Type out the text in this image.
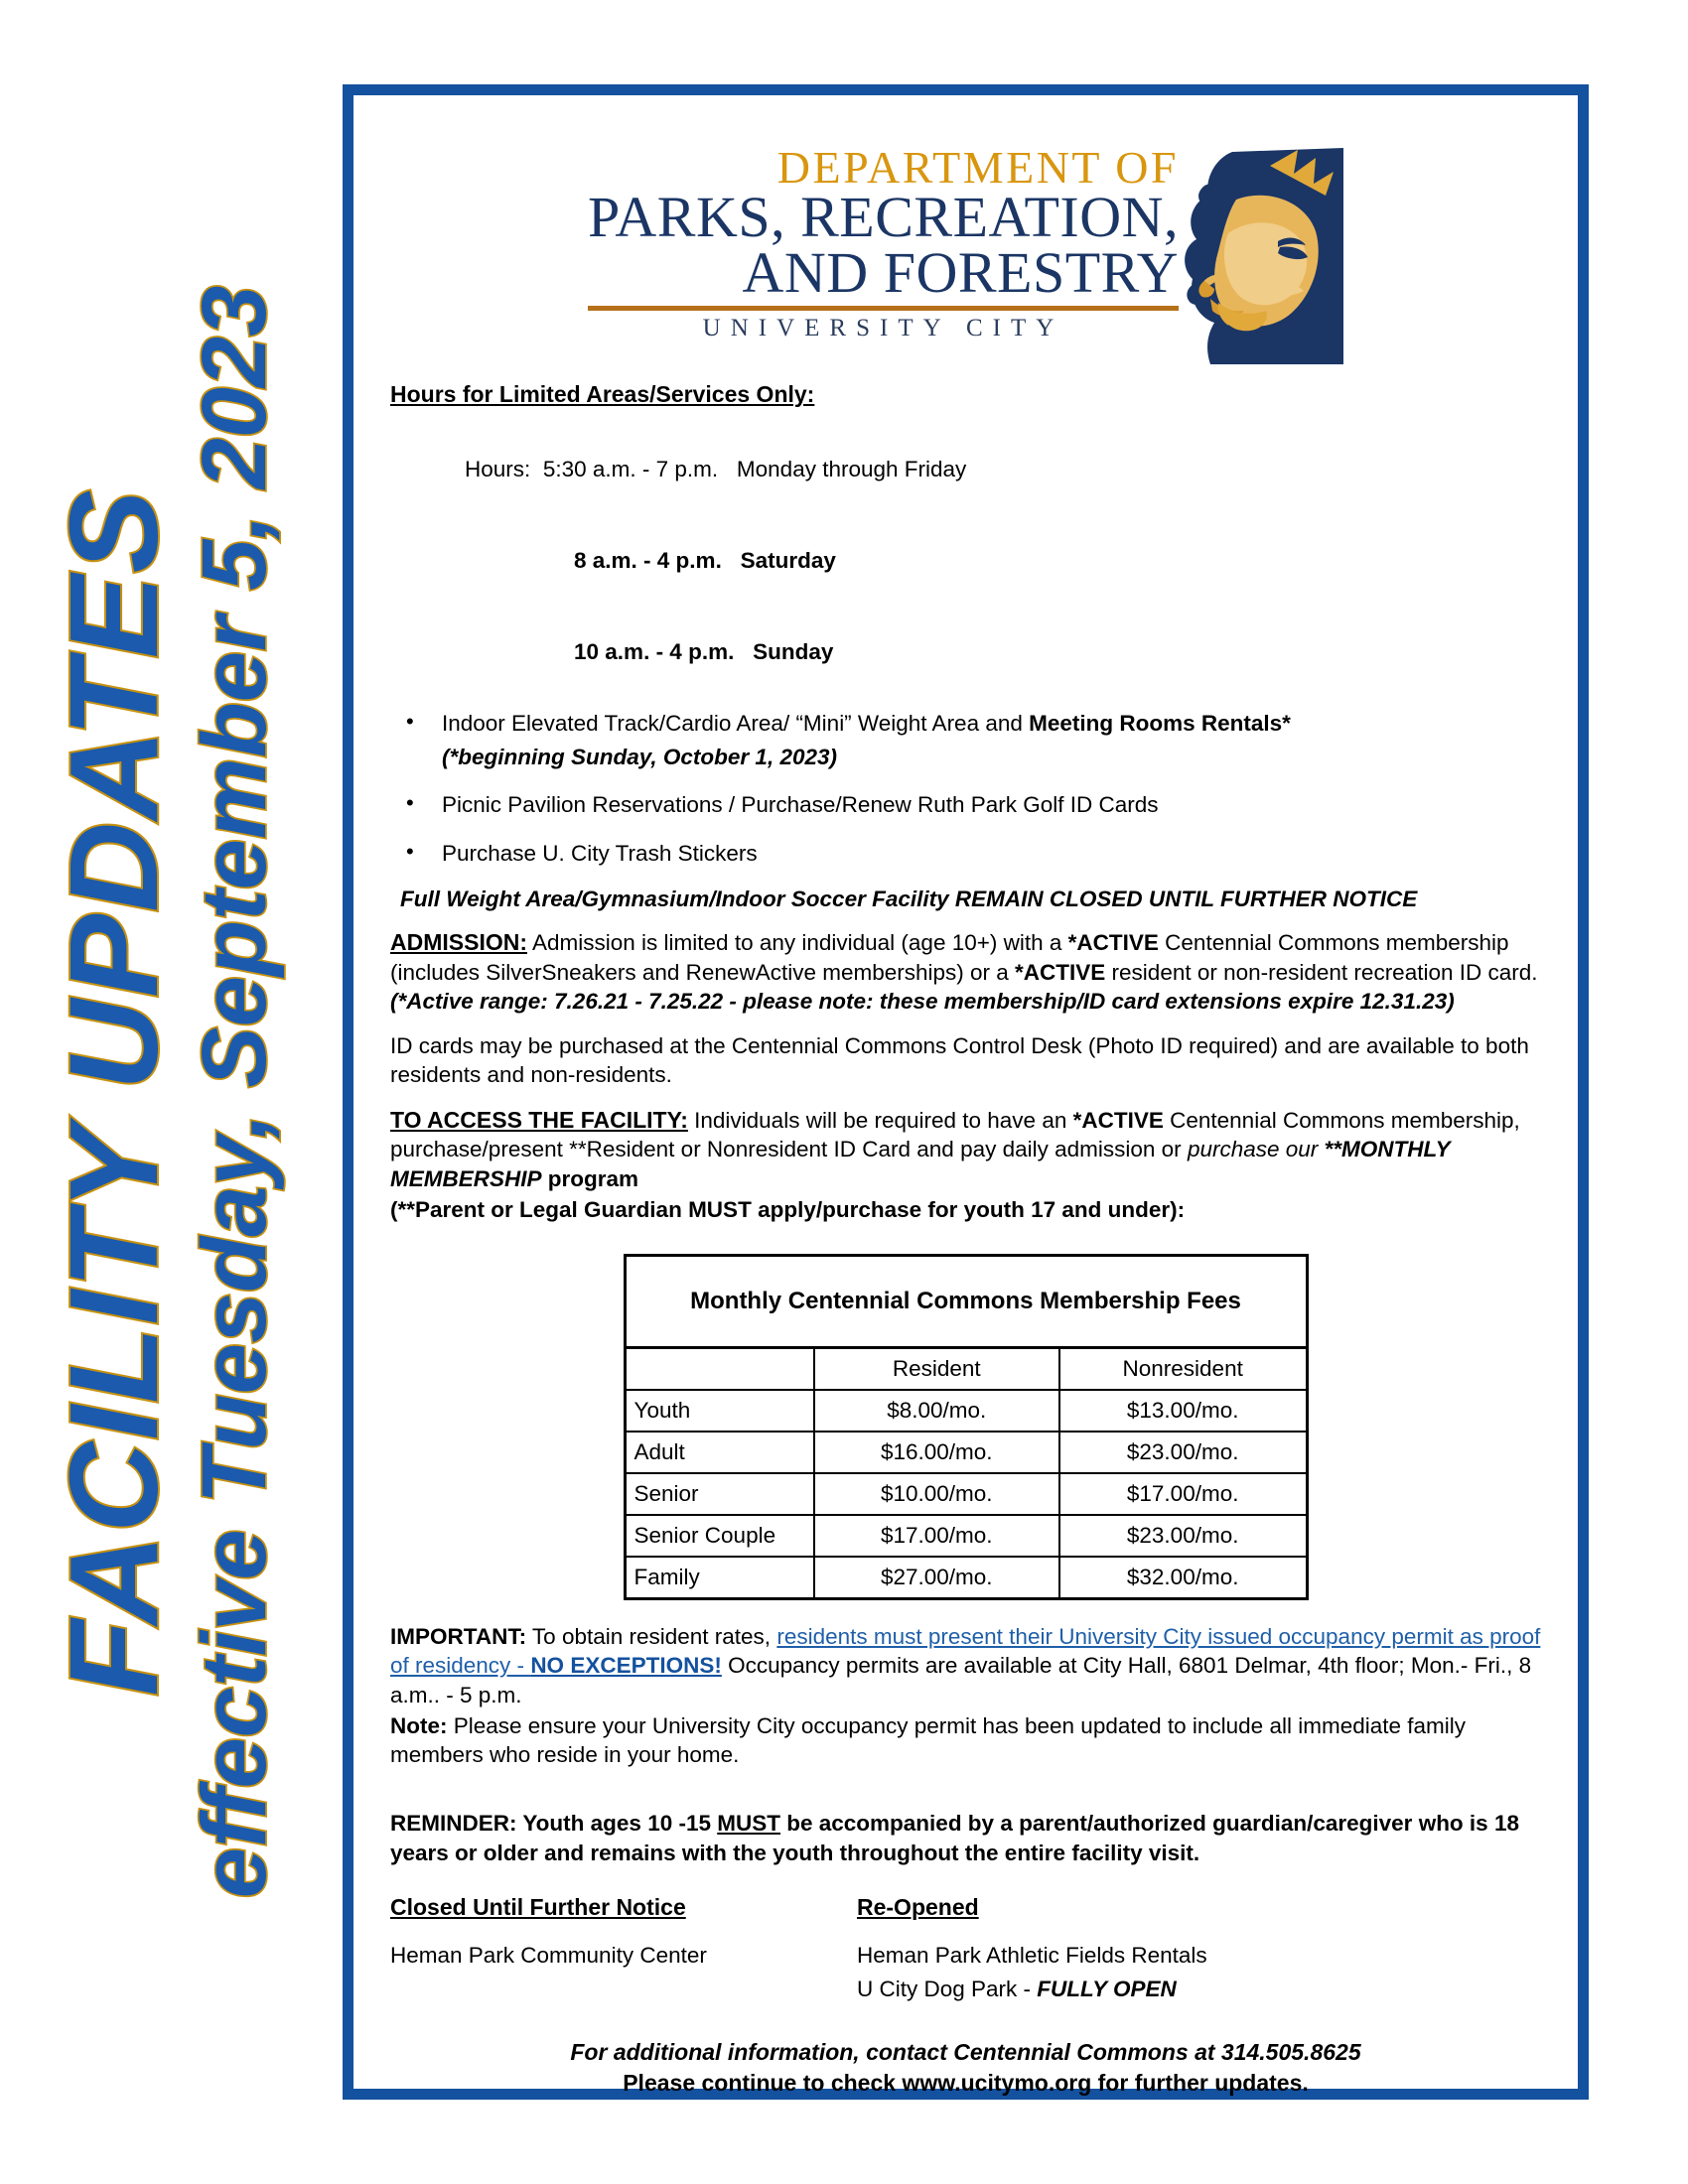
FACILITY UPDATES effective Tuesday, September 5, 2023
DEPARTMENT OF
PARKS, RECREATION,
AND FORESTRY
UNIVERSITY CITY
Hours for Limited Areas/Services Only:

Hours: 5:30 a.m. - 7 p.m. Monday through Friday

8 a.m. - 4 p.m. Saturday

10 a.m. - 4 p.m. Sunday

• Indoor Elevated Track/Cardio Area/ “Mini” Weight Area and Meeting Rooms Rentals*
(*beginning Sunday, October 1, 2023)
• Picnic Pavilion Reservations / Purchase/Renew Ruth Park Golf ID Cards
• Purchase U. City Trash Stickers
Full Weight Area/Gymnasium/Indoor Soccer Facility REMAIN CLOSED UNTIL FURTHER NOTICE

ADMISSION: Admission is limited to any individual (age 10+) with a *ACTIVE Centennial Commons membership (includes SilverSneakers and RenewActive memberships) or a *ACTIVE resident or non-resident recreation ID card. (*Active range: 7.26.21 - 7.25.22 - please note: these membership/ID card extensions expire 12.31.23)

ID cards may be purchased at the Centennial Commons Control Desk (Photo ID required) and are available to both residents and non-residents.

TO ACCESS THE FACILITY: Individuals will be required to have an *ACTIVE Centennial Commons membership, purchase/present **Resident or Nonresident ID Card and pay daily admission or purchase our **MONTHLY MEMBERSHIP program

(**Parent or Legal Guardian MUST apply/purchase for youth 17 and under):

Monthly Centennial Commons Membership Fees		
	Resident	Nonresident
Youth	$8.00/mo.	$13.00/mo.
Adult	$16.00/mo.	$23.00/mo.
Senior	$10.00/mo.	$17.00/mo.
Senior Couple	$17.00/mo.	$23.00/mo.
Family	$27.00/mo.	$32.00/mo.

IMPORTANT: To obtain resident rates, residents must present their University City issued occupancy permit as proof of residency - NO EXCEPTIONS! Occupancy permits are available at City Hall, 6801 Delmar, 4th floor; Mon.- Fri., 8 a.m.. - 5 p.m.

Note: Please ensure your University City occupancy permit has been updated to include all immediate family members who reside in your home.

REMINDER: Youth ages 10 -15 MUST be accompanied by a parent/authorized guardian/caregiver who is 18 years or older and remains with the youth throughout the entire facility visit.

Closed Until Further Notice
Heman Park Community Center
Re-Opened
Heman Park Athletic Fields Rentals
U City Dog Park - FULLY OPEN
For additional information, contact Centennial Commons at 314.505.8625
Please continue to check www.ucitymo.org for further updates.
